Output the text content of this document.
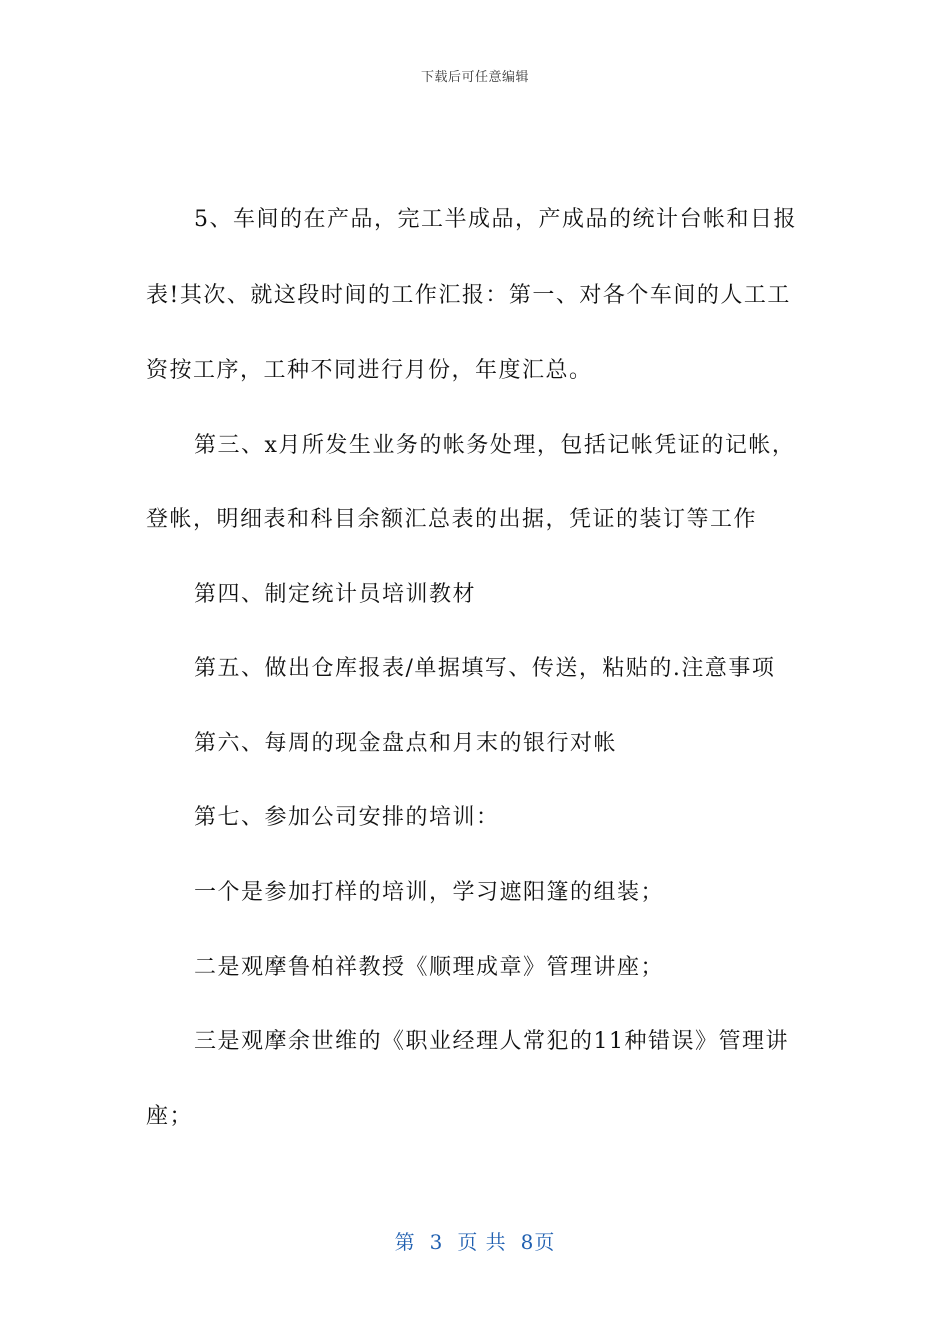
下载后可任意编辑
5、车间的在产品，完工半成品，产成品的统计台帐和日报
表!其次、就这段时间的工作汇报：第一、对各个车间的人工工
资按工序，工种不同进行月份，年度汇总。
第三、x月所发生业务的帐务处理，包括记帐凭证的记帐，
登帐，明细表和科目余额汇总表的出据，凭证的装订等工作
第四、制定统计员培训教材
第五、做出仓库报表/单据填写、传送，粘贴的.注意事项
第六、每周的现金盘点和月末的银行对帐
第七、参加公司安排的培训：
一个是参加打样的培训，学习遮阳篷的组装；
二是观摩鲁柏祥教授《顺理成章》管理讲座；
三是观摩余世维的《职业经理人常犯的11种错误》管理讲
座；
第 3 页 共 8页
